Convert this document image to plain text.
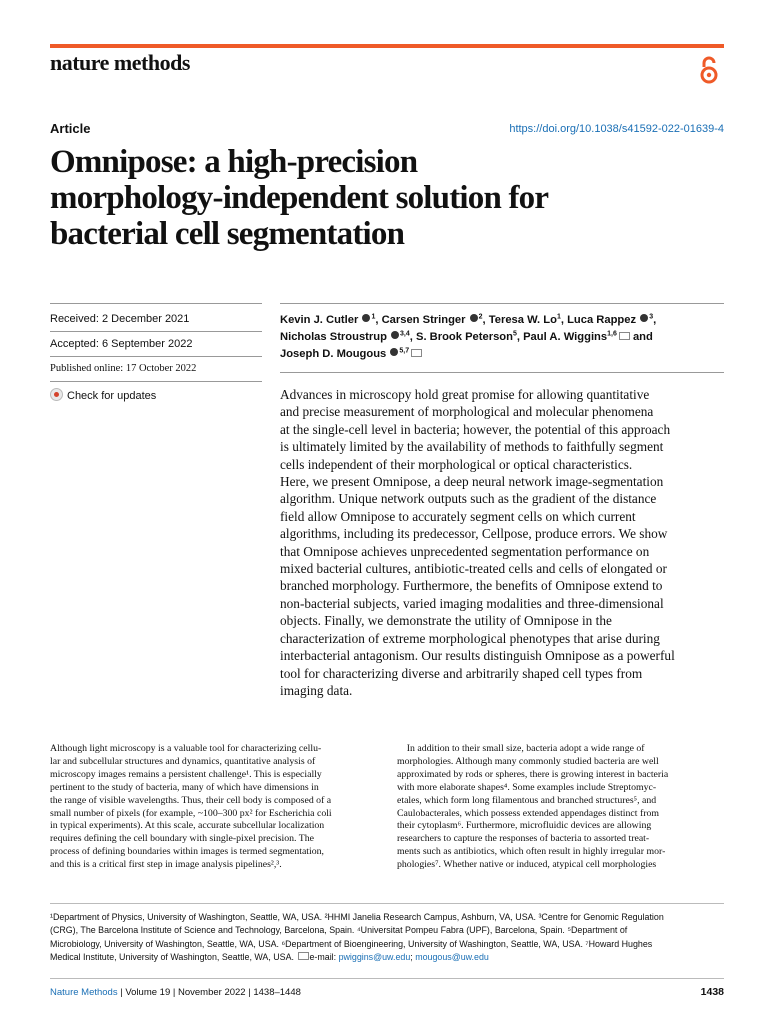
nature methods
Article	https://doi.org/10.1038/s41592-022-01639-4
Omnipose: a high-precision
morphology-independent solution for
bacterial cell segmentation
Received: 2 December 2021
Accepted: 6 September 2022
Published online: 17 October 2022
Check for updates
Kevin J. Cutler $^1$, Carsen Stringer $^2$, Teresa W. Lo$^1$, Luca Rappez $^3$,
Nicholas Stroustrup $^{3,4}$, S. Brook Peterson$^5$, Paul A. Wiggins$^{1,6}$ and
Joseph D. Mougous $^{5,7}$
Advances in microscopy hold great promise for allowing quantitative
and precise measurement of morphological and molecular phenomena
at the single-cell level in bacteria; however, the potential of this approach
is ultimately limited by the availability of methods to faithfully segment
cells independent of their morphological or optical characteristics.
Here, we present Omnipose, a deep neural network image-segmentation
algorithm. Unique network outputs such as the gradient of the distance
field allow Omnipose to accurately segment cells on which current
algorithms, including its predecessor, Cellpose, produce errors. We show
that Omnipose achieves unprecedented segmentation performance on
mixed bacterial cultures, antibiotic-treated cells and cells of elongated or
branched morphology. Furthermore, the benefits of Omnipose extend to
non-bacterial subjects, varied imaging modalities and three-dimensional
objects. Finally, we demonstrate the utility of Omnipose in the
characterization of extreme morphological phenotypes that arise during
interbacterial antagonism. Our results distinguish Omnipose as a powerful
tool for characterizing diverse and arbitrarily shaped cell types from
imaging data.
Although light microscopy is a valuable tool for characterizing cellu-
lar and subcellular structures and dynamics, quantitative analysis of
microscopy images remains a persistent challenge¹. This is especially
pertinent to the study of bacteria, many of which have dimensions in
the range of visible wavelengths. Thus, their cell body is composed of a
small number of pixels (for example, ~100–300 px² for Escherichia coli
in typical experiments). At this scale, accurate subcellular localization
requires defining the cell boundary with single-pixel precision. The
process of defining boundaries within images is termed segmentation,
and this is a critical first step in image analysis pipelines²,³.
In addition to their small size, bacteria adopt a wide range of
morphologies. Although many commonly studied bacteria are well
approximated by rods or spheres, there is growing interest in bacteria
with more elaborate shapes⁴. Some examples include Streptomyc-
etales, which form long filamentous and branched structures⁵, and
Caulobacterales, which possess extended appendages distinct from
their cytoplasm⁶. Furthermore, microfluidic devices are allowing
researchers to capture the responses of bacteria to assorted treat-
ments such as antibiotics, which often result in highly irregular mor-
phologies⁷. Whether native or induced, atypical cell morphologies
¹Department of Physics, University of Washington, Seattle, WA, USA. ²HHMI Janelia Research Campus, Ashburn, VA, USA. ³Centre for Genomic Regulation
(CRG), The Barcelona Institute of Science and Technology, Barcelona, Spain. ⁴Universitat Pompeu Fabra (UPF), Barcelona, Spain. ⁵Department of
Microbiology, University of Washington, Seattle, WA, USA. ⁶Department of Bioengineering, University of Washington, Seattle, WA, USA. ⁷Howard Hughes
Medical Institute, University of Washington, Seattle, WA, USA. e-mail: pwiggins@uw.edu; mougous@uw.edu
Nature Methods | Volume 19 | November 2022 | 1438–1448	1438
